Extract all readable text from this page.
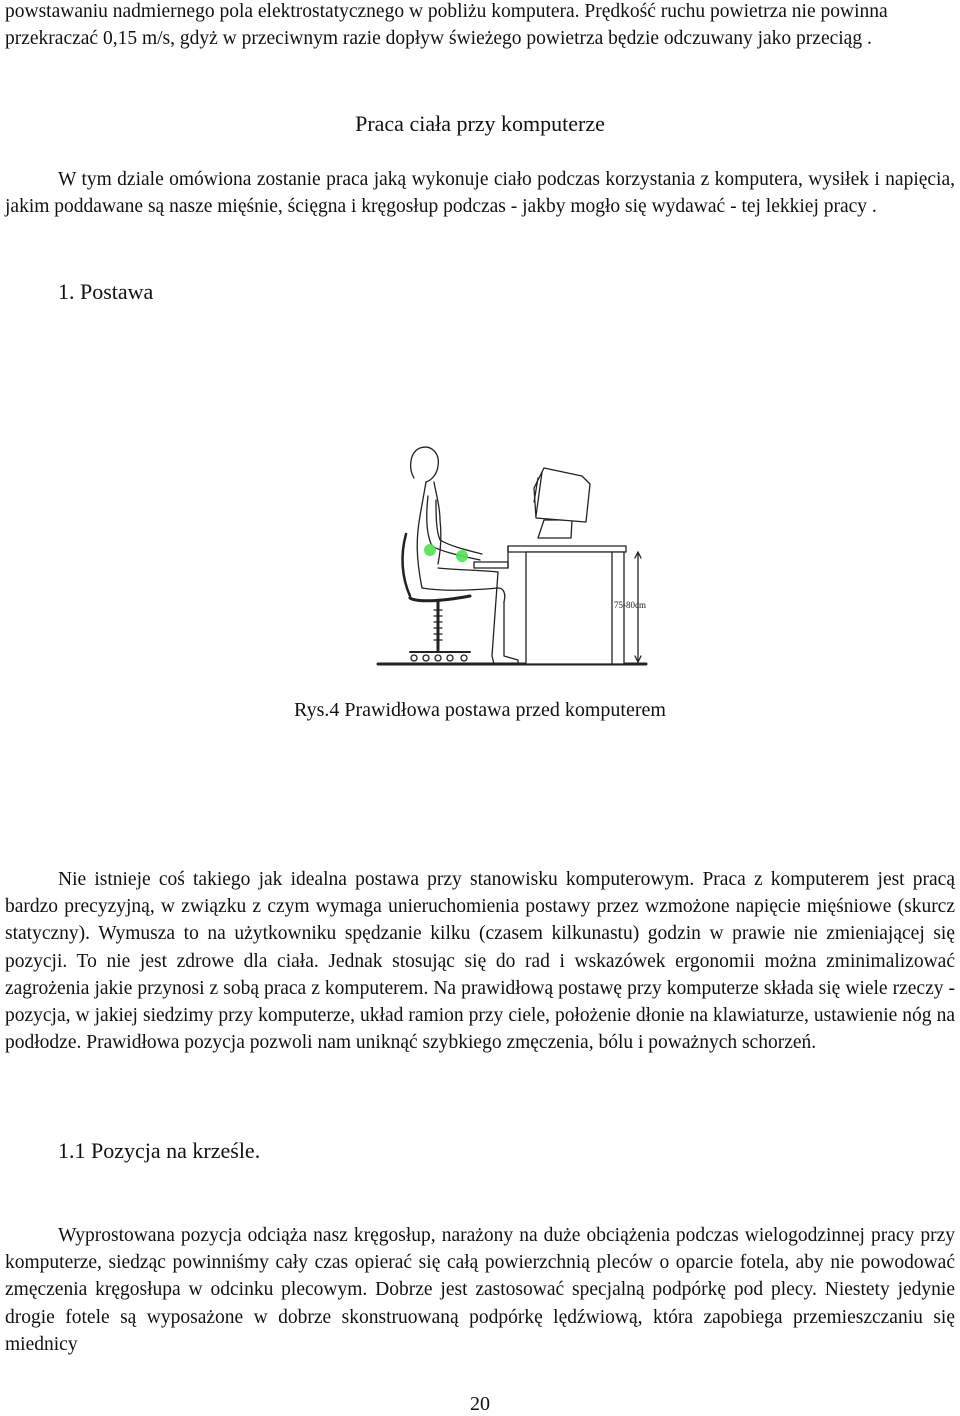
powstawaniu nadmiernego pola elektrostatycznego w pobliżu komputera. Prędkość ruchu powietrza nie powinna przekraczać 0,15 m/s, gdyż w przeciwnym razie dopływ świeżego powietrza będzie odczuwany jako przeciąg .

Praca ciała przy komputerze

W tym dziale omówiona zostanie praca jaką wykonuje ciało podczas korzystania z komputera, wysiłek i napięcia, jakim poddawane są nasze mięśnie, ścięgna i kręgosłup podczas - jakby mogło się wydawać - tej lekkiej pracy .

1. Postawa

75-80cm

Rys.4 Prawidłowa postawa przed komputerem

Nie istnieje coś takiego jak idealna postawa przy stanowisku komputerowym. Praca z komputerem jest pracą bardzo precyzyjną, w związku z czym wymaga unieruchomienia postawy przez wzmożone napięcie mięśniowe (skurcz statyczny). Wymusza to na użytkowniku spędzanie kilku (czasem kilkunastu) godzin w prawie nie zmieniającej się pozycji. To nie jest zdrowe dla ciała. Jednak stosując się do rad i wskazówek ergonomii można zminimalizować zagrożenia jakie przynosi z sobą praca z komputerem. Na prawidłową postawę przy komputerze składa się wiele rzeczy - pozycja, w jakiej siedzimy przy komputerze, układ ramion przy ciele, położenie dłonie na klawiaturze, ustawienie nóg na podłodze. Prawidłowa pozycja pozwoli nam uniknąć szybkiego zmęczenia, bólu i poważnych schorzeń.

1.1 Pozycja na krześle.

Wyprostowana pozycja odciąża nasz kręgosłup, narażony na duże obciążenia podczas wielogodzinnej pracy przy komputerze, siedząc powinniśmy cały czas opierać się całą powierzchnią pleców o oparcie fotela, aby nie powodować zmęczenia kręgosłupa w odcinku plecowym. Dobrze jest zastosować specjalną podpórkę pod plecy. Niestety jedynie drogie fotele są wyposażone w dobrze skonstruowaną podpórkę lędźwiową, która zapobiega przemieszczaniu się miednicy

20
